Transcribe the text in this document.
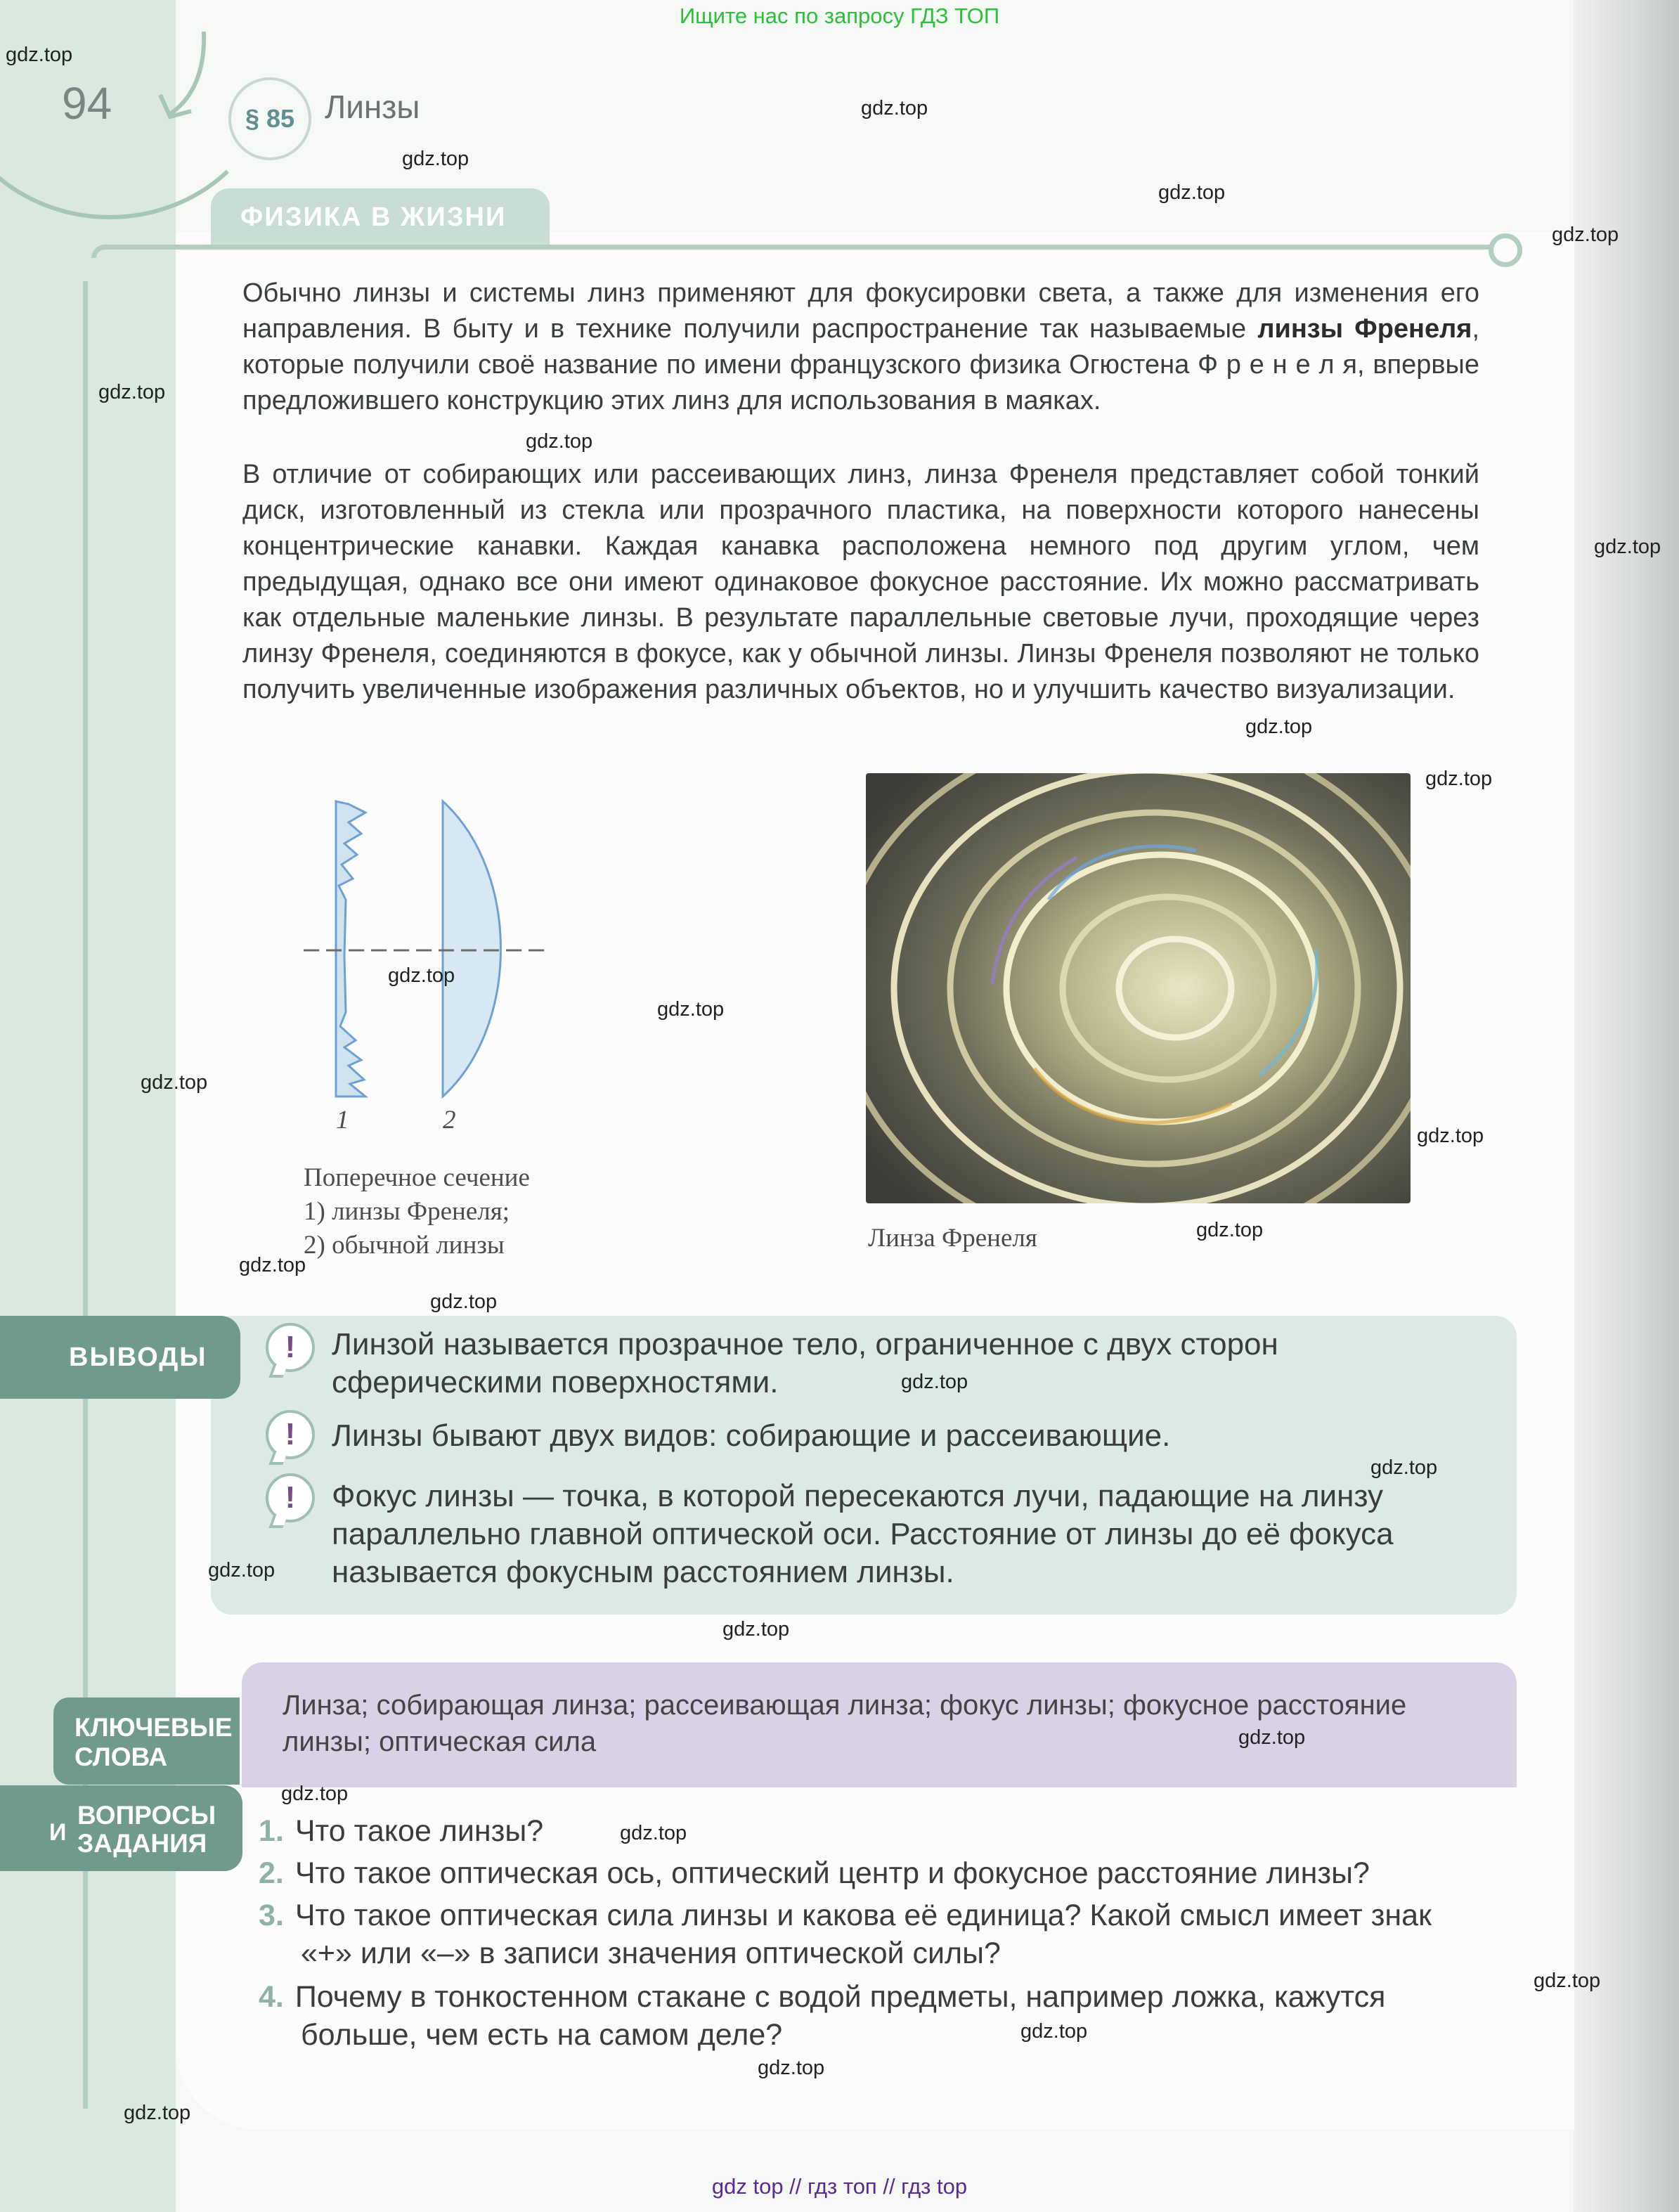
Ищите нас по запросу ГДЗ ТОП
94	§ 85 Линзы
ФИЗИКА В ЖИЗНИ
Обычно линзы и системы линз применяют для фокусировки света, а также для изменения его направления. В быту и в технике получили распространение так называемые линзы Френеля, которые получили своё название по имени французского физика Огюстена Ф р е н е л я, впервые предложившего конструкцию этих линз для использования в маяках.
В отличие от собирающих или рассеивающих линз, линза Френеля представляет собой тонкий диск, изготовленный из стекла или прозрачного пластика, на поверхности которого нанесены концентрические канавки. Каждая канавка расположена немного под другим углом, чем предыдущая, однако все они имеют одинаковое фокусное расстояние. Их можно рассматривать как отдельные маленькие линзы. В результате параллельные световые лучи, проходящие через линзу Френеля, соединяются в фокусе, как у обычной линзы. Линзы Френеля позволяют не только получить увеличенные изображения различных объектов, но и улучшить качество визуализации.
1	2
Поперечное сечение
1) линзы Френеля;
2) обычной линзы	Линза Френеля
ВЫВОДЫ	!	Линзой называется прозрачное тело, ограниченное с двух сторон сферическими поверхностями.
!	Линзы бывают двух видов: собирающие и рассеивающие.
!	Фокус линзы — точка, в которой пересекаются лучи, падающие на линзу параллельно главной оптической оси. Расстояние от линзы до её фокуса называется фокусным расстоянием линзы.
КЛЮЧЕВЫЕ
СЛОВА
Линза; собирающая линза; рассеивающая линза; фокус линзы; фокусное расстояние линзы; оптическая сила
И
ВОПРОСЫ
ЗАДАНИЯ 1. Что такое линзы?
2. Что такое оптическая ось, оптический центр и фокусное расстояние линзы?
3. Что такое оптическая сила линзы и какова её единица? Какой смысл имеет знак «+» или «–» в записи значения оптической силы?
4. Почему в тонкостенном стакане с водой предметы, например ложка, кажутся больше, чем есть на самом деле?
gdz.top
gdz.top
gdz.top
gdz.top
gdz.top
gdz.top
gdz.top
gdz.top
gdz.top
gdz.top
gdz.top
gdz.top
gdz.top
gdz.top
gdz.top
gdz.top
gdz.top
gdz.top
gdz.top
gdz.top
gdz.top
gdz.top
gdz.top
gdz.top
gdz.top
gdz.top
gdz.top
gdz.top
gdz top // гдз топ // гдз top
